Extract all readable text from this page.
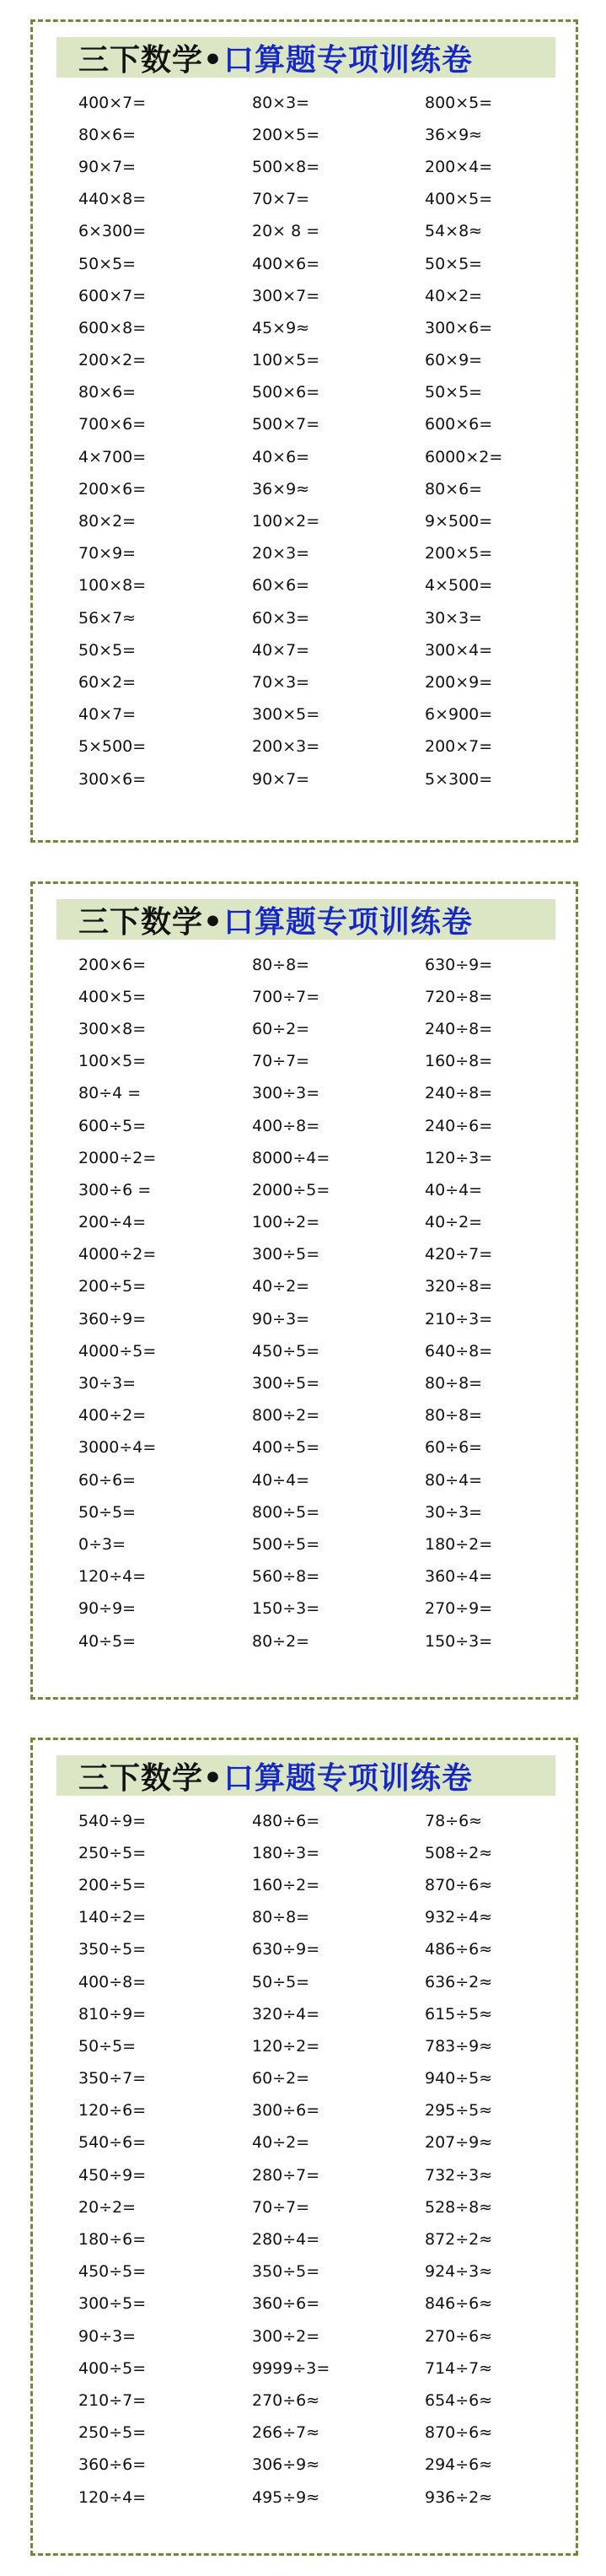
三下数学• 口算题专项训练卷
400×7=	80×3=	800×5=
80×6=	200×5=	36×9≈
90×7=	500×8=	200×4=
440×8=	70×7=	400×5=
6×300=	20× 8 =	54×8≈
50×5=	400×6=	50×5=
600×7=	300×7=	40×2=
600×8=	45×9≈	300×6=
200×2=	100×5=	60×9=
80×6=	500×6=	50×5=
700×6=	500×7=	600×6=
4×700=	40×6=	6000×2=
200×6=	36×9≈	80×6=
80×2=	100×2=	9×500=
70×9=	20×3=	200×5=
100×8=	60×6=	4×500=
56×7≈	60×3=	30×3=
50×5=	40×7=	300×4=
60×2=	70×3=	200×9=
40×7=	300×5=	6×900=
5×500=	200×3=	200×7=
300×6=	90×7=	5×300=
三下数学• 口算题专项训练卷
200×6=	80÷8=	630÷9=
400×5=	700÷7=	720÷8=
300×8=	60÷2=	240÷8=
100×5=	70÷7=	160÷8=
80÷4 =	300÷3=	240÷8=
600÷5=	400÷8=	240÷6=
2000÷2=	8000÷4=	120÷3=
300÷6 =	2000÷5=	40÷4=
200÷4=	100÷2=	40÷2=
4000÷2=	300÷5=	420÷7=
200÷5=	40÷2=	320÷8=
360÷9=	90÷3=	210÷3=
4000÷5=	450÷5=	640÷8=
30÷3=	300÷5=	80÷8=
400÷2=	800÷2=	80÷8=
3000÷4=	400÷5=	60÷6=
60÷6=	40÷4=	80÷4=
50÷5=	800÷5=	30÷3=
0÷3=	500÷5=	180÷2=
120÷4=	560÷8=	360÷4=
90÷9=	150÷3=	270÷9=
40÷5=	80÷2=	150÷3=
三下数学• 口算题专项训练卷
540÷9=	480÷6=	78÷6≈
250÷5=	180÷3=	508÷2≈
200÷5=	160÷2=	870÷6≈
140÷2=	80÷8=	932÷4≈
350÷5=	630÷9=	486÷6≈
400÷8=	50÷5=	636÷2≈
810÷9=	320÷4=	615÷5≈
50÷5=	120÷2=	783÷9≈
350÷7=	60÷2=	940÷5≈
120÷6=	300÷6=	295÷5≈
540÷6=	40÷2=	207÷9≈
450÷9=	280÷7=	732÷3≈
20÷2=	70÷7=	528÷8≈
180÷6=	280÷4=	872÷2≈
450÷5=	350÷5=	924÷3≈
300÷5=	360÷6=	846÷6≈
90÷3=	300÷2=	270÷6≈
400÷5=	9999÷3=	714÷7≈
210÷7=	270÷6≈	654÷6≈
250÷5=	266÷7≈	870÷6≈
360÷6=	306÷9≈	294÷6≈
120÷4=	495÷9≈	936÷2≈
